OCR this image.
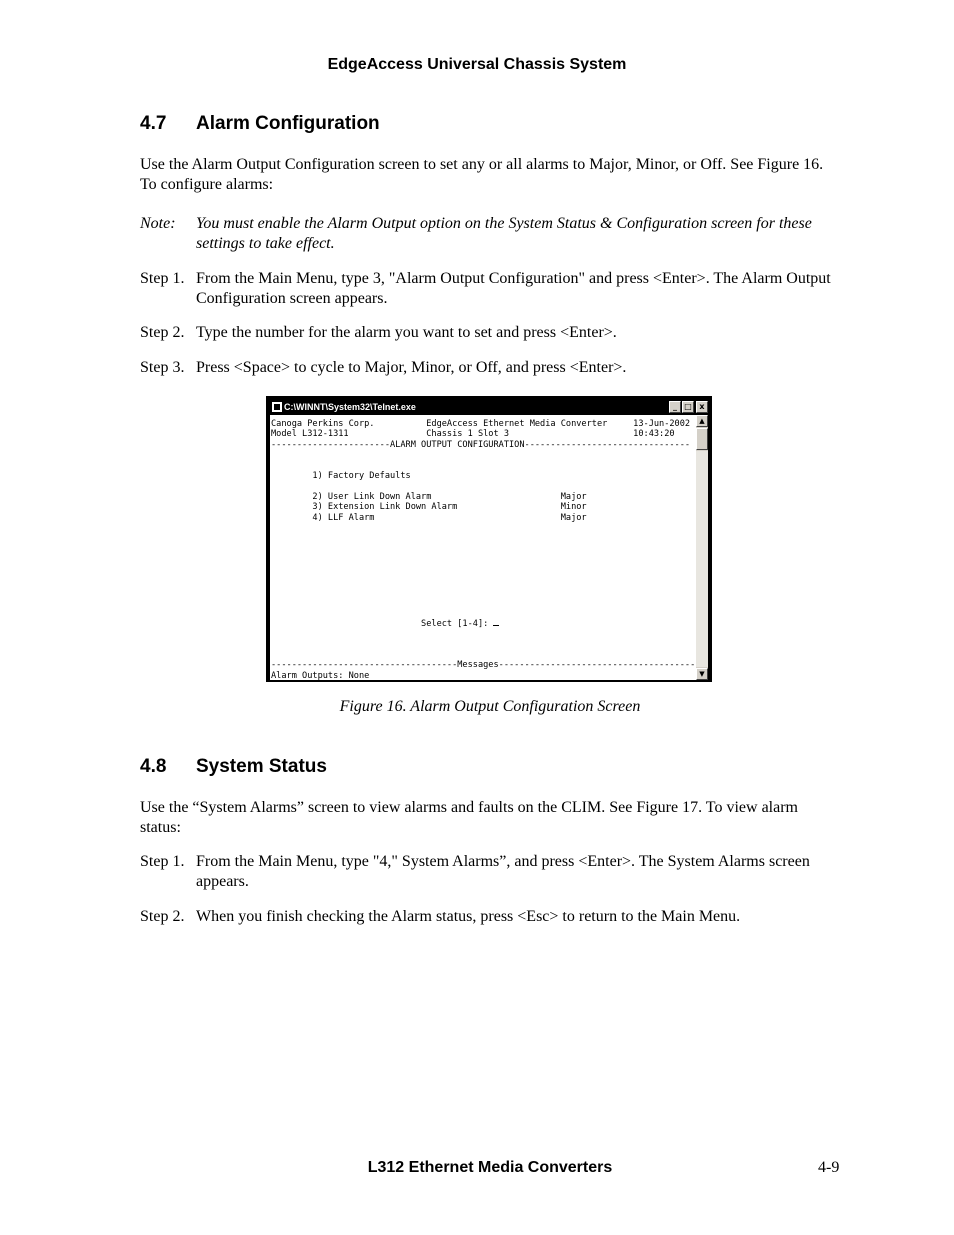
EdgeAccess Universal Chassis System
4.7 Alarm Configuration

Use the Alarm Output Configuration screen to set any or all alarms to Major, Minor, or Off. See Figure 16. To configure alarms:

Note:	You must enable the Alarm Output option on the System Status & Configuration screen for these settings to take effect.
Step 1. From the Main Menu, type 3, "Alarm Output Configuration" and press <Enter>. The Alarm Output Configuration screen appears.
Step 2. Type the number for the alarm you want to set and press <Enter>.
Step 3. Press <Space> to cycle to Major, Minor, or Off, and press <Enter>.
C:\WINNT\System32\Telnet.exe	_ □ x
Canoga Perkins Corp.          EdgeAccess Ethernet Media Converter     13-Jun-2002
Model L312-1311               Chassis 1 Slot 3                        10:43:20
-----------------------ALARM OUTPUT CONFIGURATION--------------------------------

1) Factory Defaults

2) User Link Down Alarm                         Major
3) Extension Link Down Alarm                    Minor
4) LLF Alarm                                    Major

Select [1-4]:

------------------------------------Messages--------------------------------------
Alarm Outputs: None
▲
▼
Figure 16. Alarm Output Configuration Screen
4.8 System Status

Use the “System Alarms” screen to view alarms and faults on the CLIM. See Figure 17. To view alarm status:

Step 1. From the Main Menu, type "4," System Alarms”, and press <Enter>. The System Alarms screen appears.
Step 2. When you finish checking the Alarm status, press <Esc> to return to the Main Menu.
L312 Ethernet Media Converters	4-9
